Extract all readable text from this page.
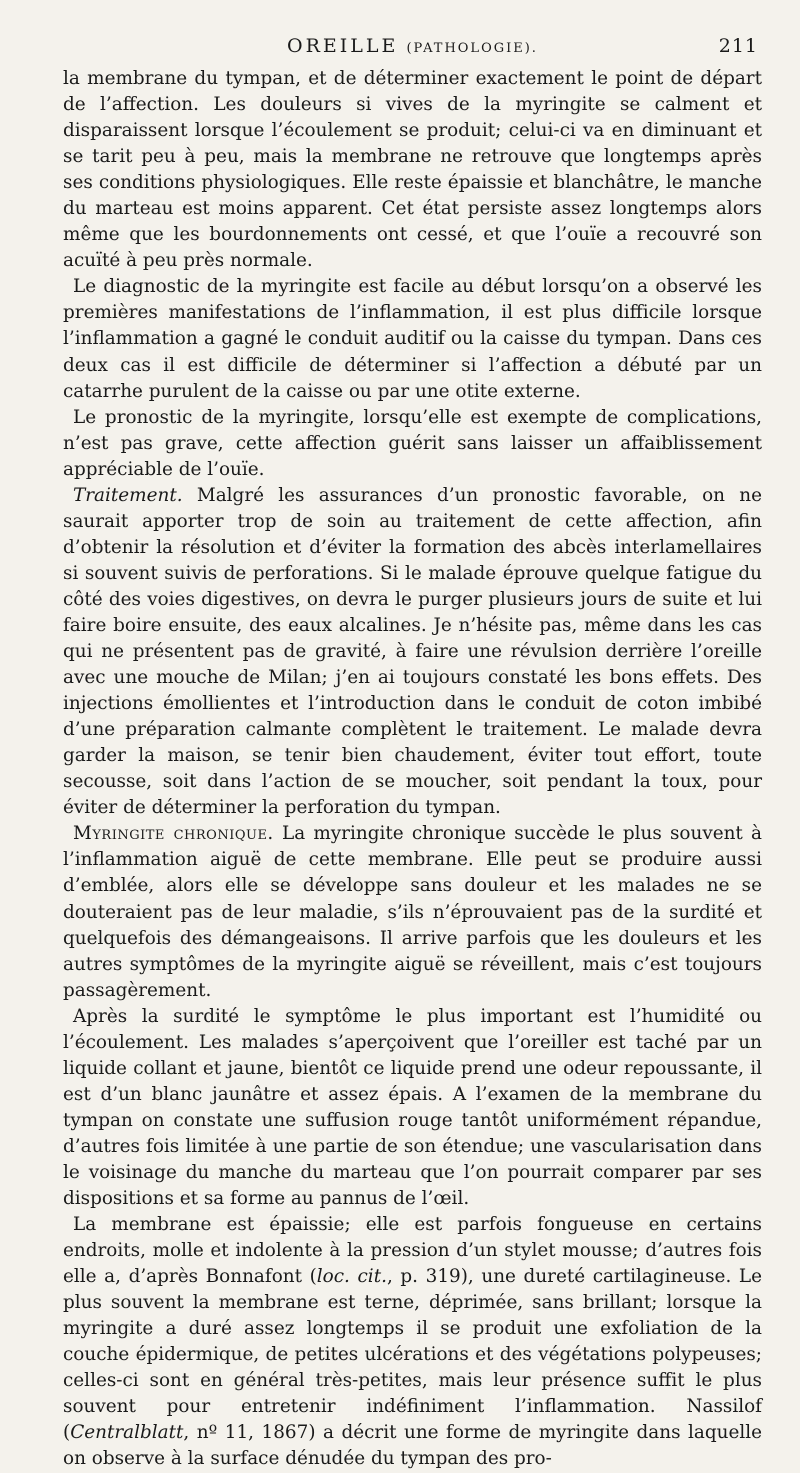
OREILLE (PATHOLOGIE).	211

la membrane du tympan, et de déterminer exactement le point de départ de l’affection. Les douleurs si vives de la myringite se calment et disparaissent lorsque l’écoulement se produit; celui-ci va en diminuant et se tarit peu à peu, mais la membrane ne retrouve que longtemps après ses conditions physiologiques. Elle reste épaissie et blanchâtre, le manche du marteau est moins apparent. Cet état persiste assez longtemps alors même que les bourdonnements ont cessé, et que l’ouïe a recouvré son acuïté à peu près normale.

Le diagnostic de la myringite est facile au début lorsqu’on a observé les premières manifestations de l’inflammation, il est plus difficile lorsque l’inflammation a gagné le conduit auditif ou la caisse du tympan. Dans ces deux cas il est difficile de déterminer si l’affection a débuté par un catarrhe purulent de la caisse ou par une otite externe.

Le pronostic de la myringite, lorsqu’elle est exempte de complications, n’est pas grave, cette affection guérit sans laisser un affaiblissement appréciable de l’ouïe.

Traitement. Malgré les assurances d’un pronostic favorable, on ne saurait apporter trop de soin au traitement de cette affection, afin d’obtenir la résolution et d’éviter la formation des abcès interlamellaires si souvent suivis de perforations. Si le malade éprouve quelque fatigue du côté des voies digestives, on devra le purger plusieurs jours de suite et lui faire boire ensuite, des eaux alcalines. Je n’hésite pas, même dans les cas qui ne présentent pas de gravité, à faire une révulsion derrière l’oreille avec une mouche de Milan; j’en ai toujours constaté les bons effets. Des injections émollientes et l’introduction dans le conduit de coton imbibé d’une préparation calmante complètent le traitement. Le malade devra garder la maison, se tenir bien chaudement, éviter tout effort, toute secousse, soit dans l’action de se moucher, soit pendant la toux, pour éviter de déterminer la perforation du tympan.

Myringite chronique. La myringite chronique succède le plus souvent à l’inflammation aiguë de cette membrane. Elle peut se produire aussi d’emblée, alors elle se développe sans douleur et les malades ne se douteraient pas de leur maladie, s’ils n’éprouvaient pas de la surdité et quelquefois des démangeaisons. Il arrive parfois que les douleurs et les autres symptômes de la myringite aiguë se réveillent, mais c’est toujours passagèrement.

Après la surdité le symptôme le plus important est l’humidité ou l’écoulement. Les malades s’aperçoivent que l’oreiller est taché par un liquide collant et jaune, bientôt ce liquide prend une odeur repoussante, il est d’un blanc jaunâtre et assez épais. A l’examen de la membrane du tympan on constate une suffusion rouge tantôt uniformément répandue, d’autres fois limitée à une partie de son étendue; une vascularisation dans le voisinage du manche du marteau que l’on pourrait comparer par ses dispositions et sa forme au pannus de l’œil.

La membrane est épaissie; elle est parfois fongueuse en certains endroits, molle et indolente à la pression d’un stylet mousse; d’autres fois elle a, d’après Bonnafont (loc. cit., p. 319), une dureté cartilagineuse. Le plus souvent la membrane est terne, déprimée, sans brillant; lorsque la myringite a duré assez longtemps il se produit une exfoliation de la couche épidermique, de petites ulcérations et des végétations polypeuses; celles-ci sont en général très-petites, mais leur présence suffit le plus souvent pour entretenir indéfiniment l’inflammation. Nassilof (Centralblatt, nº 11, 1867) a décrit une forme de myringite dans laquelle on observe à la surface dénudée du tympan des pro-
